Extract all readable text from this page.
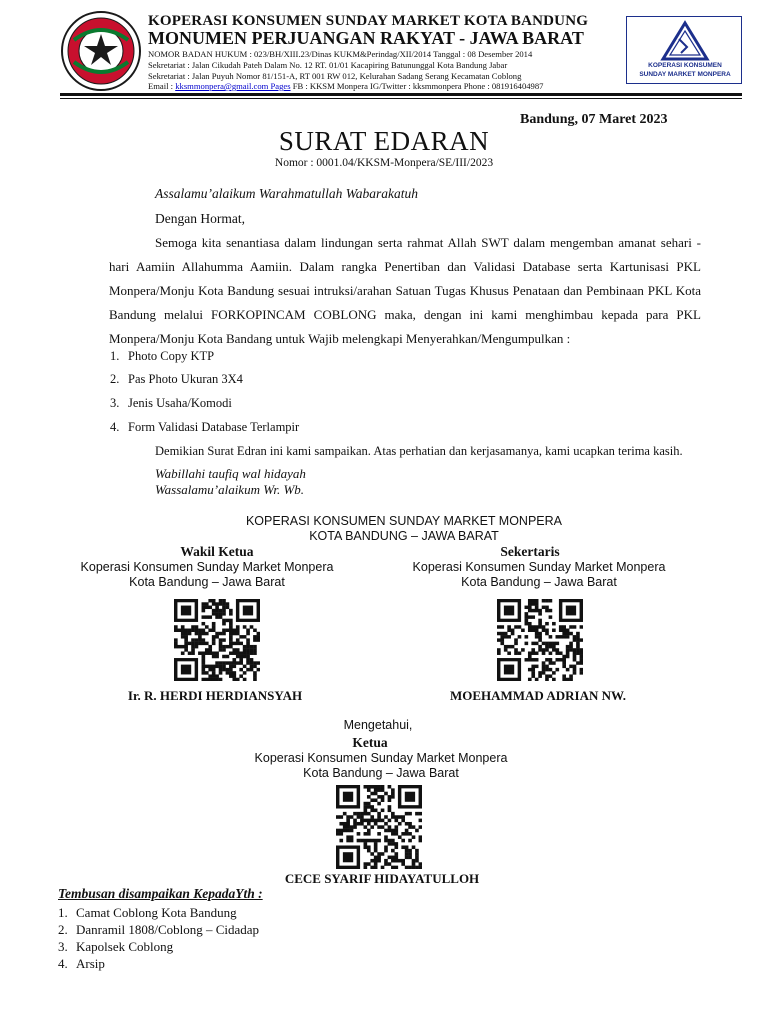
KOPERASI KONSUMEN SUNDAY MARKET KOTA BANDUNG
MONUMEN PERJUANGAN RAKYAT - JAWA BARAT
NOMOR BADAN HUKUM : 023/BH/XIII.23/Dinas KUKM&Perindag/XII/2014 Tanggal : 08 Desember 2014
Sekretariat : Jalan Cikudah Pateh Dalam No. 12 RT. 01/01 Kacapiring Batununggal Kota Bandung Jabar
Sekretariat : Jalan Puyuh Nomor 81/151-A, RT 001 RW 012, Kelurahan Sadang Serang Kecamatan Coblong
Email : kksmmonpera@gmail.com Pages FB : KKSM Monpera IG/Twitter : kksmmonpera Phone : 081916404987
KOPERASI KONSUMEN
SUNDAY MARKET MONPERA
Bandung, 07 Maret 2023
SURAT EDARAN
Nomor : 0001.04/KKSM-Monpera/SE/III/2023
Assalamu’alaikum Warahmatullah Wabarakatuh
Dengan Hormat,
Semoga kita senantiasa dalam lindungan serta rahmat Allah SWT dalam mengemban amanat sehari - hari Aamiin Allahumma Aamiin. Dalam rangka Penertiban dan Validasi Database serta Kartunisasi PKL Monpera/Monju Kota Bandung sesuai intruksi/arahan Satuan Tugas Khusus Penataan dan Pembinaan PKL Kota Bandung melalui FORKOPINCAM COBLONG maka, dengan ini kami menghimbau kepada para PKL Monpera/Monju Kota Bandang untuk Wajib melengkapi Menyerahkan/Mengumpulkan :
1. Photo Copy KTP
2. Pas Photo Ukuran 3X4
3. Jenis Usaha/Komodi
4. Form Validasi Database Terlampir
Demikian Surat Edran ini kami sampaikan. Atas perhatian dan kerjasamanya, kami ucapkan terima kasih.
Wabillahi taufiq wal hidayah
Wassalamu’alaikum Wr. Wb.
KOPERASI KONSUMEN SUNDAY MARKET MONPERA
KOTA BANDUNG – JAWA BARAT
Wakil Ketua
Koperasi Konsumen Sunday Market Monpera
Kota Bandung – Jawa Barat
Ir. R. HERDI HERDIANSYAH
Sekertaris
Koperasi Konsumen Sunday Market Monpera
Kota Bandung – Jawa Barat
MOEHAMMAD ADRIAN NW.
Mengetahui,
Ketua
Koperasi Konsumen Sunday Market Monpera
Kota Bandung – Jawa Barat
CECE SYARIF HIDAYATULLOH
Tembusan disampaikan KepadaYth :
1. Camat Coblong Kota Bandung
2. Danramil 1808/Coblong – Cidadap
3. Kapolsek Coblong
4. Arsip
